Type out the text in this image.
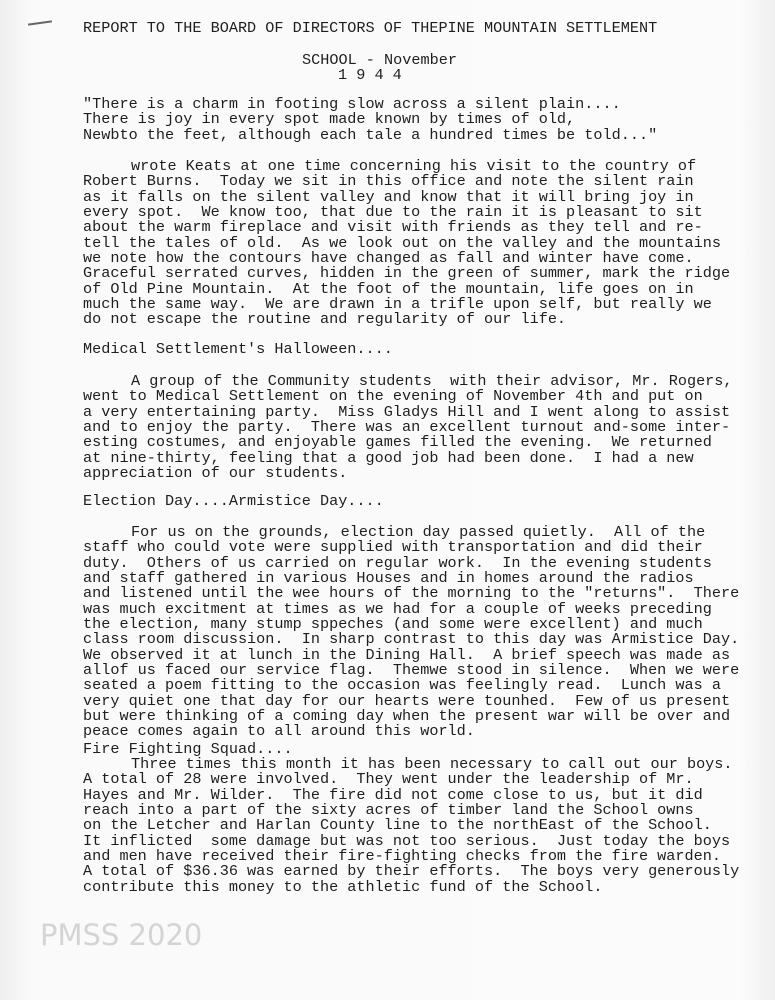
REPORT TO THE BOARD OF DIRECTORS OF THEPINE MOUNTAIN SETTLEMENT
SCHOOL - November
1 9 4 4
"There is a charm in footing slow across a silent plain....
There is joy in every spot made known by times of old,
Newbto the feet, although each tale a hundred times be told..."
wrote Keats at one time concerning his visit to the country of
Robert Burns.  Today we sit in this office and note the silent rain
as it falls on the silent valley and know that it will bring joy in
every spot.  We know too, that due to the rain it is pleasant to sit
about the warm fireplace and visit with friends as they tell and re-
tell the tales of old.  As we look out on the valley and the mountains
we note how the contours have changed as fall and winter have come.
Graceful serrated curves, hidden in the green of summer, mark the ridge
of Old Pine Mountain.  At the foot of the mountain, life goes on in
much the same way.  We are drawn in a trifle upon self, but really we
do not escape the routine and regularity of our life.
Medical Settlement's Halloween....
A group of the Community students  with their advisor, Mr. Rogers,
went to Medical Settlement on the evening of November 4th and put on
a very entertaining party.  Miss Gladys Hill and I went along to assist
and to enjoy the party.  There was an excellent turnout and-some inter-
esting costumes, and enjoyable games filled the evening.  We returned
at nine-thirty, feeling that a good job had been done.  I had a new
appreciation of our students.
Election Day....Armistice Day....
For us on the grounds, election day passed quietly.  All of the
staff who could vote were supplied with transportation and did their
duty.  Others of us carried on regular work.  In the evening students
and staff gathered in various Houses and in homes around the radios
and listened until the wee hours of the morning to the "returns".  There
was much excitment at times as we had for a couple of weeks preceding
the election, many stump sppeches (and some were excellent) and much
class room discussion.  In sharp contrast to this day was Armistice Day.
We observed it at lunch in the Dining Hall.  A brief speech was made as
allof us faced our service flag.  Themwe stood in silence.  When we were
seated a poem fitting to the occasion was feelingly read.  Lunch was a
very quiet one that day for our hearts were tounhed.  Few of us present
but were thinking of a coming day when the present war will be over and
peace comes again to all around this world.
Fire Fighting Squad....
Three times this month it has been necessary to call out our boys.
A total of 28 were involved.  They went under the leadership of Mr.
Hayes and Mr. Wilder.  The fire did not come close to us, but it did
reach into a part of the sixty acres of timber land the School owns
on the Letcher and Harlan County line to the northEast of the School.
It inflicted  some damage but was not too serious.  Just today the boys
and men have received their fire-fighting checks from the fire warden.
A total of $36.36 was earned by their efforts.  The boys very generously
contribute this money to the athletic fund of the School.
PMSS 2020
